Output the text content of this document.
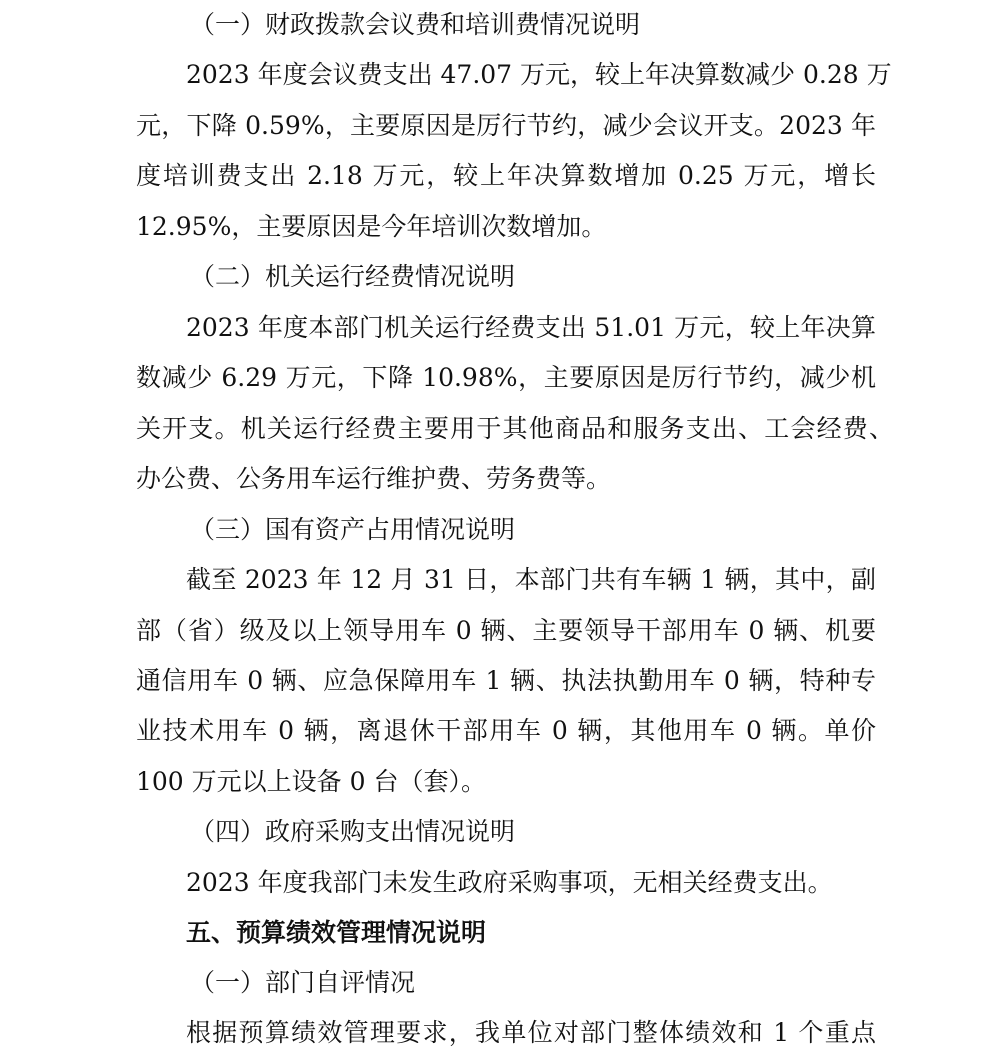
（一）财政拨款会议费和培训费情况说明
2023 年度会议费支出 47.07 万元，较上年决算数减少 0.28 万
元，下降 0.59%，主要原因是厉行节约，减少会议开支。2023 年
度培训费支出 2.18 万元，较上年决算数增加 0.25 万元，增长
12.95%，主要原因是今年培训次数增加。
（二）机关运行经费情况说明
2023 年度本部门机关运行经费支出 51.01 万元，较上年决算
数减少 6.29 万元，下降 10.98%，主要原因是厉行节约，减少机
关开支。机关运行经费主要用于其他商品和服务支出、工会经费、
办公费、公务用车运行维护费、劳务费等。
（三）国有资产占用情况说明
截至 2023 年 12 月 31 日，本部门共有车辆 1 辆，其中，副
部（省）级及以上领导用车 0 辆、主要领导干部用车 0 辆、机要
通信用车 0 辆、应急保障用车 1 辆、执法执勤用车 0 辆，特种专
业技术用车 0 辆，离退休干部用车 0 辆，其他用车 0 辆。单价
100 万元以上设备 0 台（套）。
（四）政府采购支出情况说明
2023 年度我部门未发生政府采购事项，无相关经费支出。
五、预算绩效管理情况说明
（一）部门自评情况
根据预算绩效管理要求，我单位对部门整体绩效和 1 个重点
